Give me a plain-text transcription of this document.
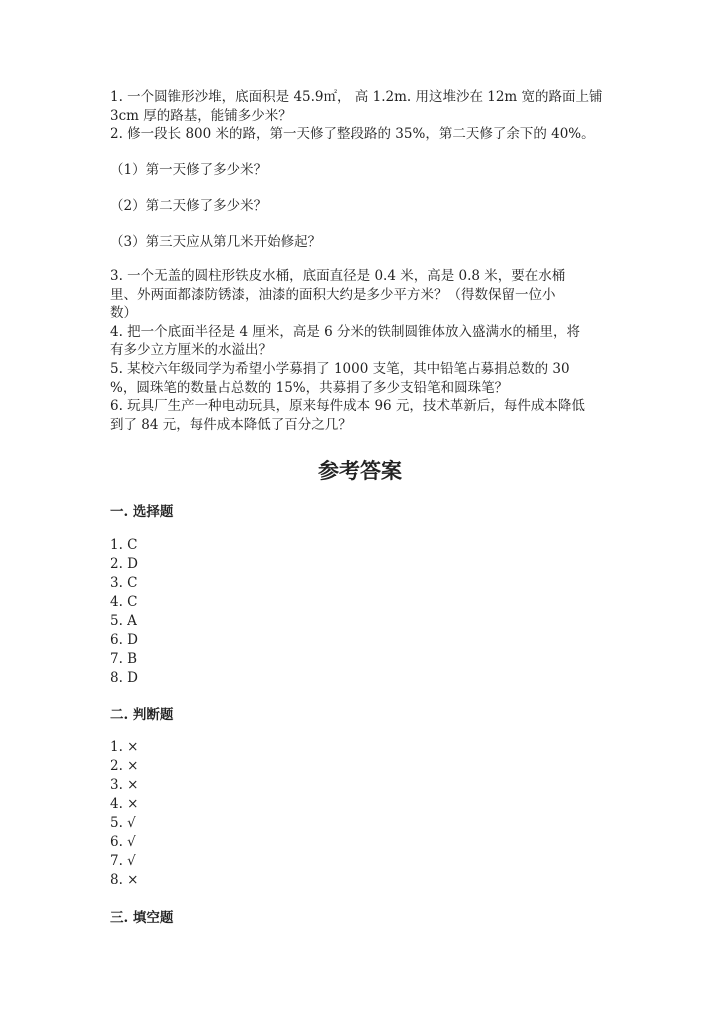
1. 一个圆锥形沙堆，底面积是 45.9㎡， 高 1.2m. 用这堆沙在 12m 宽的路面上铺
3cm 厚的路基，能铺多少米？
2. 修一段长 800 米的路，第一天修了整段路的 35%，第二天修了余下的 40%。
（1）第一天修了多少米？
（2）第二天修了多少米？
（3）第三天应从第几米开始修起？
3. 一个无盖的圆柱形铁皮水桶，底面直径是 0.4 米，高是 0.8 米，要在水桶
里、外两面都漆防锈漆，油漆的面积大约是多少平方米？（得数保留一位小
数）
4. 把一个底面半径是 4 厘米，高是 6 分米的铁制圆锥体放入盛满水的桶里，将
有多少立方厘米的水溢出？
5. 某校六年级同学为希望小学募捐了 1000 支笔，其中铅笔占募捐总数的 30
%，圆珠笔的数量占总数的 15%，共募捐了多少支铅笔和圆珠笔？
6. 玩具厂生产一种电动玩具，原来每件成本 96 元，技术革新后，每件成本降低
到了 84 元，每件成本降低了百分之几？
参考答案
一. 选择题
1. C
2. D
3. C
4. C
5. A
6. D
7. B
8. D
二. 判断题
1. ×
2. ×
3. ×
4. ×
5. √
6. √
7. √
8. ×
三. 填空题
